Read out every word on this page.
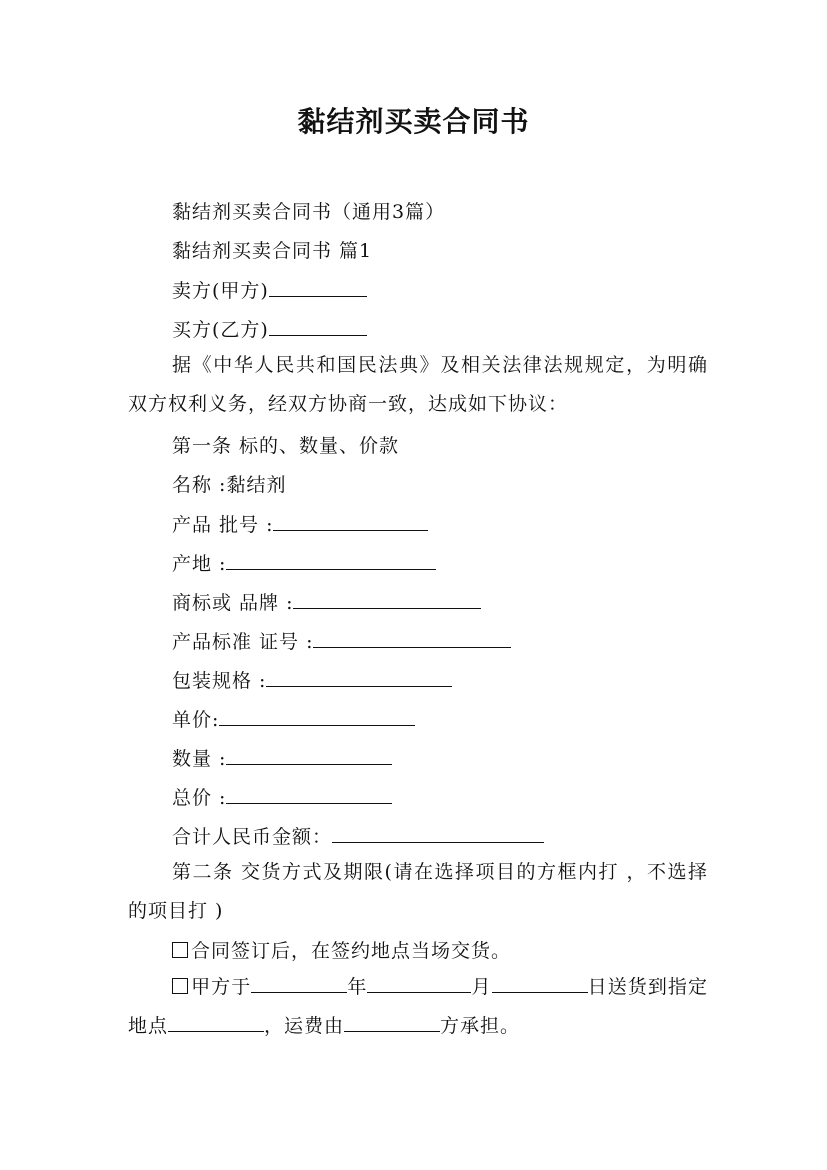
黏结剂买卖合同书
黏结剂买卖合同书（通用3篇）
黏结剂买卖合同书 篇1
卖方(甲方)
买方(乙方)
据《中华人民共和国民法典》及相关法律法规规定，为明确双方权利义务，经双方协商一致，达成如下协议：
第一条 标的、数量、价款
名称 :黏结剂
产品 批号 :
产地 :
商标或 品牌 :
产品标准 证号 :
包装规格 :
单价:
数量 :
总价 :
合计人民币金额：
第二条 交货方式及期限(请在选择项目的方框内打 ，不选择的项目打 )
合同签订后，在签约地点当场交货。
甲方于	年	月	日送货到指定地点	，运费由	方承担。
